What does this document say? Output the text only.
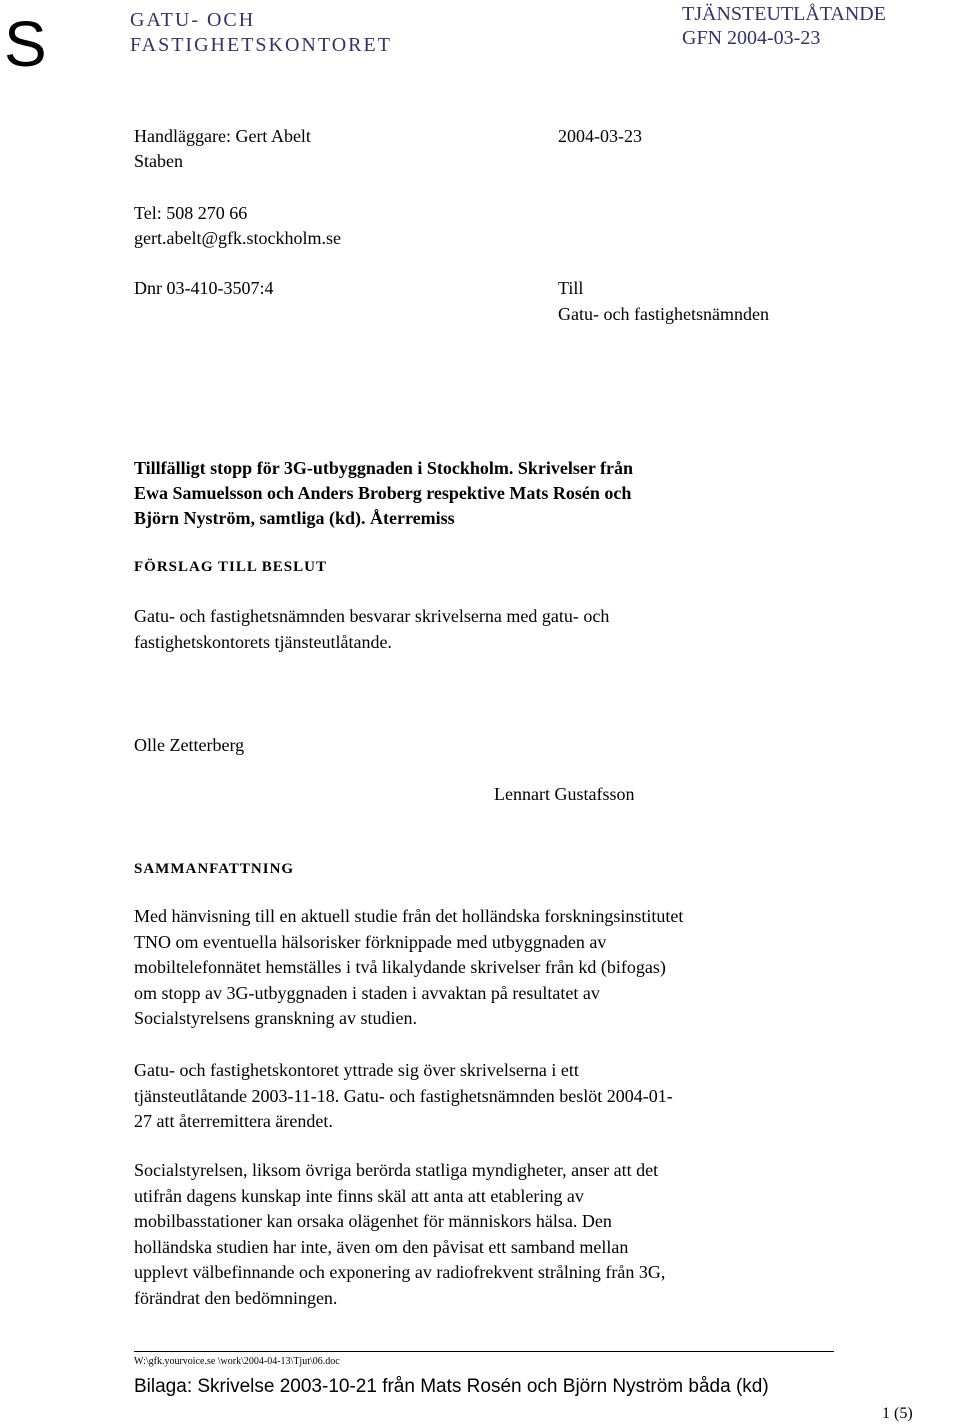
S	GATU- OCH
FASTIGHETSKONTORET
TJÄNSTEUTLÅTANDE
GFN 2004-03-23
Handläggare: Gert Abelt	2004-03-23
Staben
Tel: 508 270 66
gert.abelt@gfk.stockholm.se
Dnr 03-410-3507:4	Till
Gatu- och fastighetsnämnden
Tillfälligt stopp för 3G-utbyggnaden i Stockholm. Skrivelser från
Ewa Samuelsson och Anders Broberg respektive Mats Rosén och
Björn Nyström, samtliga (kd). Återremiss
FÖRSLAG TILL BESLUT
Gatu- och fastighetsnämnden besvarar skrivelserna med gatu- och
fastighetskontorets tjänsteutlåtande.
Olle Zetterberg
Lennart Gustafsson
SAMMANFATTNING
Med hänvisning till en aktuell studie från det holländska forskningsinstitutet
TNO om eventuella hälsorisker förknippade med utbyggnaden av
mobiltelefonnätet hemställes i två likalydande skrivelser från kd (bifogas)
om stopp av 3G-utbyggnaden i staden i avvaktan på resultatet av
Socialstyrelsens granskning av studien.
Gatu- och fastighetskontoret yttrade sig över skrivelserna i ett
tjänsteutlåtande 2003-11-18. Gatu- och fastighetsnämnden beslöt 2004-01-
27 att återremittera ärendet.
Socialstyrelsen, liksom övriga berörda statliga myndigheter, anser att det
utifrån dagens kunskap inte finns skäl att anta att etablering av
mobilbasstationer kan orsaka olägenhet för människors hälsa. Den
holländska studien har inte, även om den påvisat ett samband mellan
upplevt välbefinnande och exponering av radiofrekvent strålning från 3G,
förändrat den bedömningen.
W:\gfk.yourvoice.se \work\2004-04-13\Tjut\06.doc
Bilaga: Skrivelse 2003-10-21 från Mats Rosén och Björn Nyström båda (kd)
1 (5)
